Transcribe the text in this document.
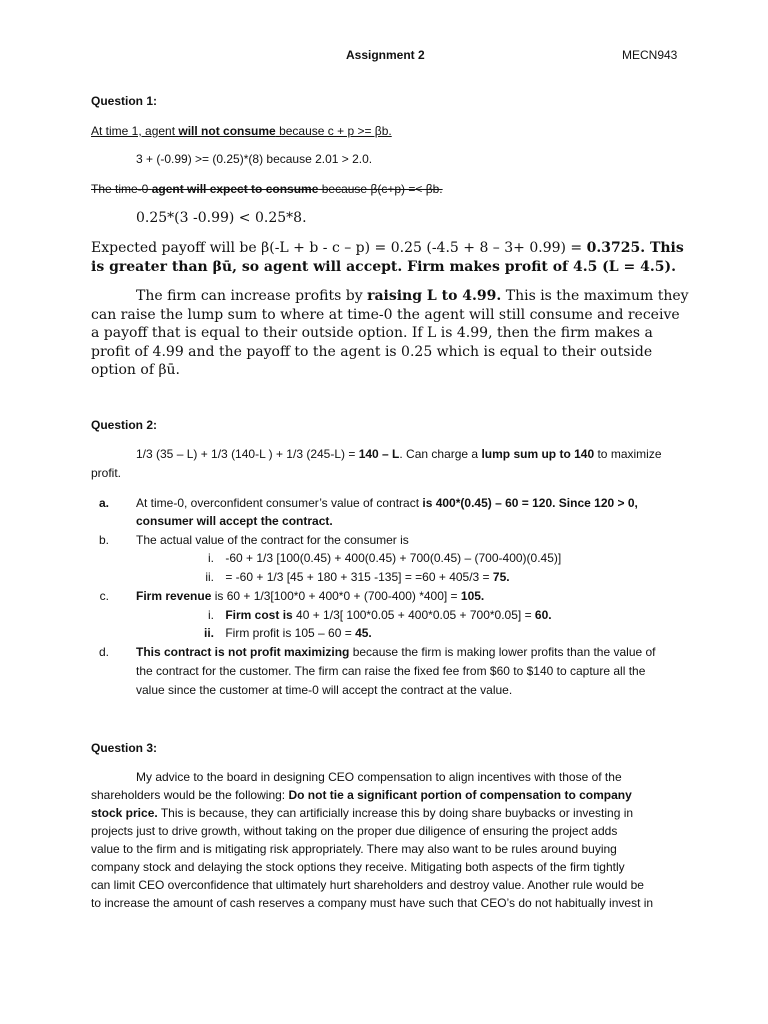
Assignment 2	MECN943
Question 1:
At time 1, agent will not consume because c + p >= βb.
3 + (-0.99) >= (0.25)*(8) because 2.01 > 2.0.
The time-0 agent will expect to consume because β(c+p) =< βb.
0.25*(3 -0.99) < 0.25*8.
Expected payoff will be β(-L + b - c – p) = 0.25 (-4.5 + 8 – 3+ 0.99) = 0.3725. This
is greater than βū, so agent will accept. Firm makes profit of 4.5 (L = 4.5).
The firm can increase profits by raising L to 4.99. This is the maximum they
can raise the lump sum to where at time-0 the agent will still consume and receive
a payoff that is equal to their outside option. If L is 4.99, then the firm makes a
profit of 4.99 and the payoff to the agent is 0.25 which is equal to their outside
option of βū.
Question 2:
1/3 (35 – L) + 1/3 (140-L ) + 1/3 (245-L) = 140 – L. Can charge a lump sum up to 140 to maximize
profit.
a. At time-0, overconfident consumer’s value of contract is 400*(0.45) – 60 = 120. Since 120 > 0,
consumer will accept the contract.
b. The actual value of the contract for the consumer is
i. -60 + 1/3 [100(0.45) + 400(0.45) + 700(0.45) – (700-400)(0.45)]
ii. = -60 + 1/3 [45 + 180 + 315 -135] = =60 + 405/3 = 75.
c. Firm revenue is 60 + 1/3[100*0 + 400*0 + (700-400) *400] = 105.
i. Firm cost is 40 + 1/3[ 100*0.05 + 400*0.05 + 700*0.05] = 60.
ii. Firm profit is 105 – 60 = 45.
d. This contract is not profit maximizing because the firm is making lower profits than the value of
the contract for the customer. The firm can raise the fixed fee from $60 to $140 to capture all the
value since the customer at time-0 will accept the contract at the value.
Question 3:
My advice to the board in designing CEO compensation to align incentives with those of the
shareholders would be the following: Do not tie a significant portion of compensation to company
stock price. This is because, they can artificially increase this by doing share buybacks or investing in
projects just to drive growth, without taking on the proper due diligence of ensuring the project adds
value to the firm and is mitigating risk appropriately. There may also want to be rules around buying
company stock and delaying the stock options they receive. Mitigating both aspects of the firm tightly
can limit CEO overconfidence that ultimately hurt shareholders and destroy value. Another rule would be
to increase the amount of cash reserves a company must have such that CEO’s do not habitually invest in
